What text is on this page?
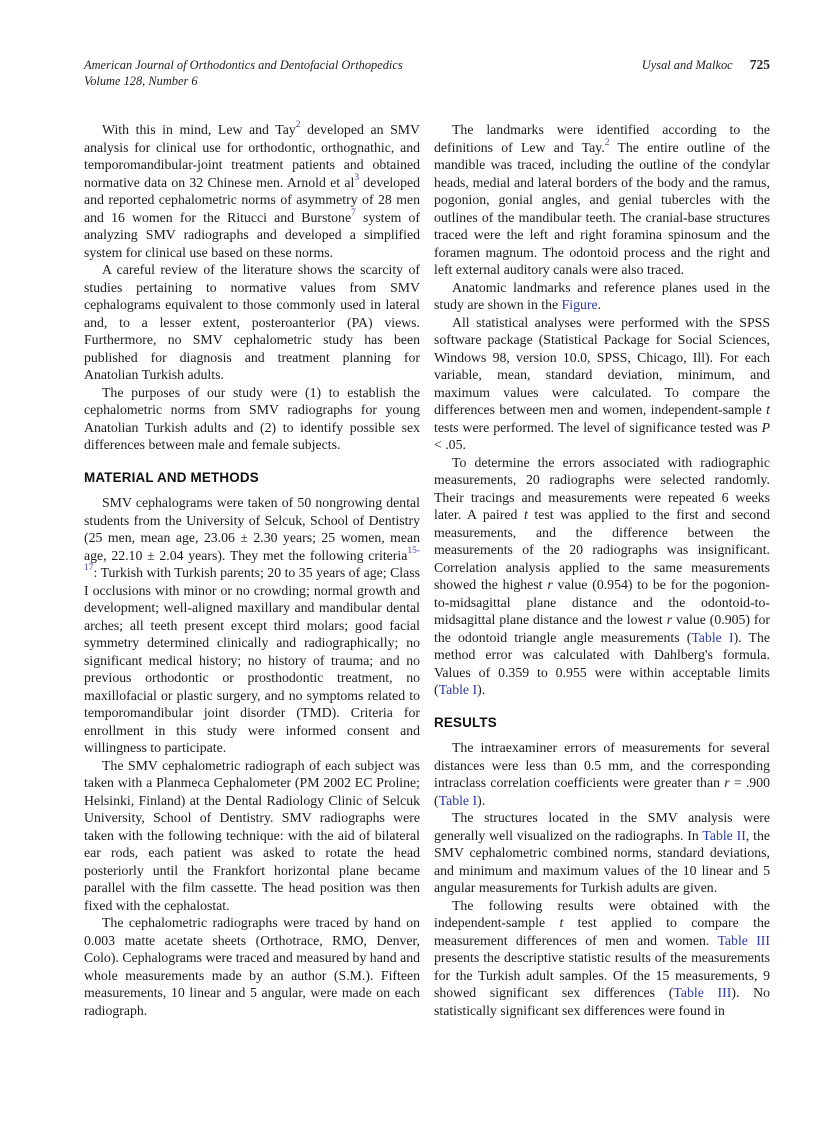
American Journal of Orthodontics and Dentofacial Orthopedics
Volume 128, Number 6
Uysal and Malkoc 725

With this in mind, Lew and Tay$^2$ developed an SMV analysis for clinical use for orthodontic, orthognathic, and temporomandibular-joint treatment patients and obtained normative data on 32 Chinese men. Arnold et al$^3$ developed and reported cephalometric norms of asymmetry of 28 men and 16 women for the Ritucci and Burstone$^7$ system of analyzing SMV radiographs and developed a simplified system for clinical use based on these norms.

A careful review of the literature shows the scarcity of studies pertaining to normative values from SMV cephalograms equivalent to those commonly used in lateral and, to a lesser extent, posteroanterior (PA) views. Furthermore, no SMV cephalometric study has been published for diagnosis and treatment planning for Anatolian Turkish adults.

The purposes of our study were (1) to establish the cephalometric norms from SMV radiographs for young Anatolian Turkish adults and (2) to identify possible sex differences between male and female subjects.

MATERIAL AND METHODS

SMV cephalograms were taken of 50 nongrowing dental students from the University of Selcuk, School of Dentistry (25 men, mean age, 23.06 ± 2.30 years; 25 women, mean age, 22.10 ± 2.04 years). They met the following criteria$^{15-17}$: Turkish with Turkish parents; 20 to 35 years of age; Class I occlusions with minor or no crowding; normal growth and development; well-aligned maxillary and mandibular dental arches; all teeth present except third molars; good facial symmetry determined clinically and radiographically; no significant medical history; no history of trauma; and no previous orthodontic or prosthodontic treatment, no maxillofacial or plastic surgery, and no symptoms related to temporomandibular joint disorder (TMD). Criteria for enrollment in this study were informed consent and willingness to participate.

The SMV cephalometric radiograph of each subject was taken with a Planmeca Cephalometer (PM 2002 EC Proline; Helsinki, Finland) at the Dental Radiology Clinic of Selcuk University, School of Dentistry. SMV radiographs were taken with the following technique: with the aid of bilateral ear rods, each patient was asked to rotate the head posteriorly until the Frankfort horizontal plane became parallel with the film cassette. The head position was then fixed with the cephalostat.

The cephalometric radiographs were traced by hand on 0.003 matte acetate sheets (Orthotrace, RMO, Denver, Colo). Cephalograms were traced and measured by hand and whole measurements made by an author (S.M.). Fifteen measurements, 10 linear and 5 angular, were made on each radiograph.

The landmarks were identified according to the definitions of Lew and Tay.$^2$ The entire outline of the mandible was traced, including the outline of the condylar heads, medial and lateral borders of the body and the ramus, pogonion, gonial angles, and genial tubercles with the outlines of the mandibular teeth. The cranial-base structures traced were the left and right foramina spinosum and the foramen magnum. The odontoid process and the right and left external auditory canals were also traced.

Anatomic landmarks and reference planes used in the study are shown in the Figure.

All statistical analyses were performed with the SPSS software package (Statistical Package for Social Sciences, Windows 98, version 10.0, SPSS, Chicago, Ill). For each variable, mean, standard deviation, minimum, and maximum values were calculated. To compare the differences between men and women, independent-sample t tests were performed. The level of significance tested was P < .05.

To determine the errors associated with radiographic measurements, 20 radiographs were selected randomly. Their tracings and measurements were repeated 6 weeks later. A paired t test was applied to the first and second measurements, and the difference between the measurements of the 20 radiographs was insignificant. Correlation analysis applied to the same measurements showed the highest r value (0.954) to be for the pogonion-to-midsagittal plane distance and the odontoid-to-midsagittal plane distance and the lowest r value (0.905) for the odontoid triangle angle measurements (Table I). The method error was calculated with Dahlberg's formula. Values of 0.359 to 0.955 were within acceptable limits (Table I).

RESULTS

The intraexaminer errors of measurements for several distances were less than 0.5 mm, and the corresponding intraclass correlation coefficients were greater than r = .900 (Table I).

The structures located in the SMV analysis were generally well visualized on the radiographs. In Table II, the SMV cephalometric combined norms, standard deviations, and minimum and maximum values of the 10 linear and 5 angular measurements for Turkish adults are given.

The following results were obtained with the independent-sample t test applied to compare the measurement differences of men and women. Table III presents the descriptive statistic results of the measurements for the Turkish adult samples. Of the 15 measurements, 9 showed significant sex differences (Table III). No statistically significant sex differences were found in
